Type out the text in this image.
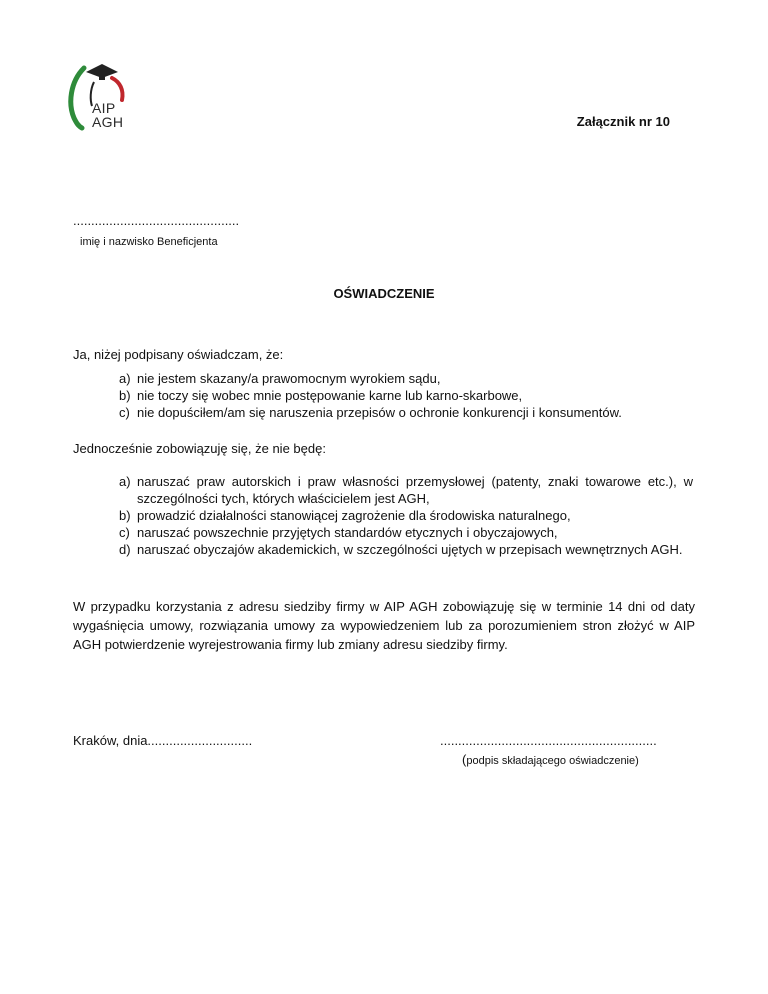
AIP
AGH	Załącznik nr 10
..............................................
imię i nazwisko Beneficjenta
OŚWIADCZENIE
Ja, niżej podpisany oświadczam, że:
a) nie jestem skazany/a prawomocnym wyrokiem sądu,
b) nie toczy się wobec mnie postępowanie karne lub karno-skarbowe,
c) nie dopuściłem/am się naruszenia przepisów o ochronie konkurencji i konsumentów.
Jednocześnie zobowiązuję się, że nie będę:
a) naruszać praw autorskich i praw własności przemysłowej (patenty, znaki towarowe etc.), w szczególności tych, których właścicielem jest AGH,
b) prowadzić działalności stanowiącej zagrożenie dla środowiska naturalnego,
c) naruszać powszechnie przyjętych standardów etycznych i obyczajowych,
d) naruszać obyczajów akademickich, w szczególności ujętych w przepisach wewnętrznych AGH.
W przypadku korzystania z adresu siedziby firmy w AIP AGH zobowiązuję się w terminie 14 dni od daty wygaśnięcia umowy, rozwiązania umowy za wypowiedzeniem lub za porozumieniem stron złożyć w AIP AGH potwierdzenie wyrejestrowania firmy lub zmiany adresu siedziby firmy.
Kraków, dnia.............................	............................................................
(podpis składającego oświadczenie)
